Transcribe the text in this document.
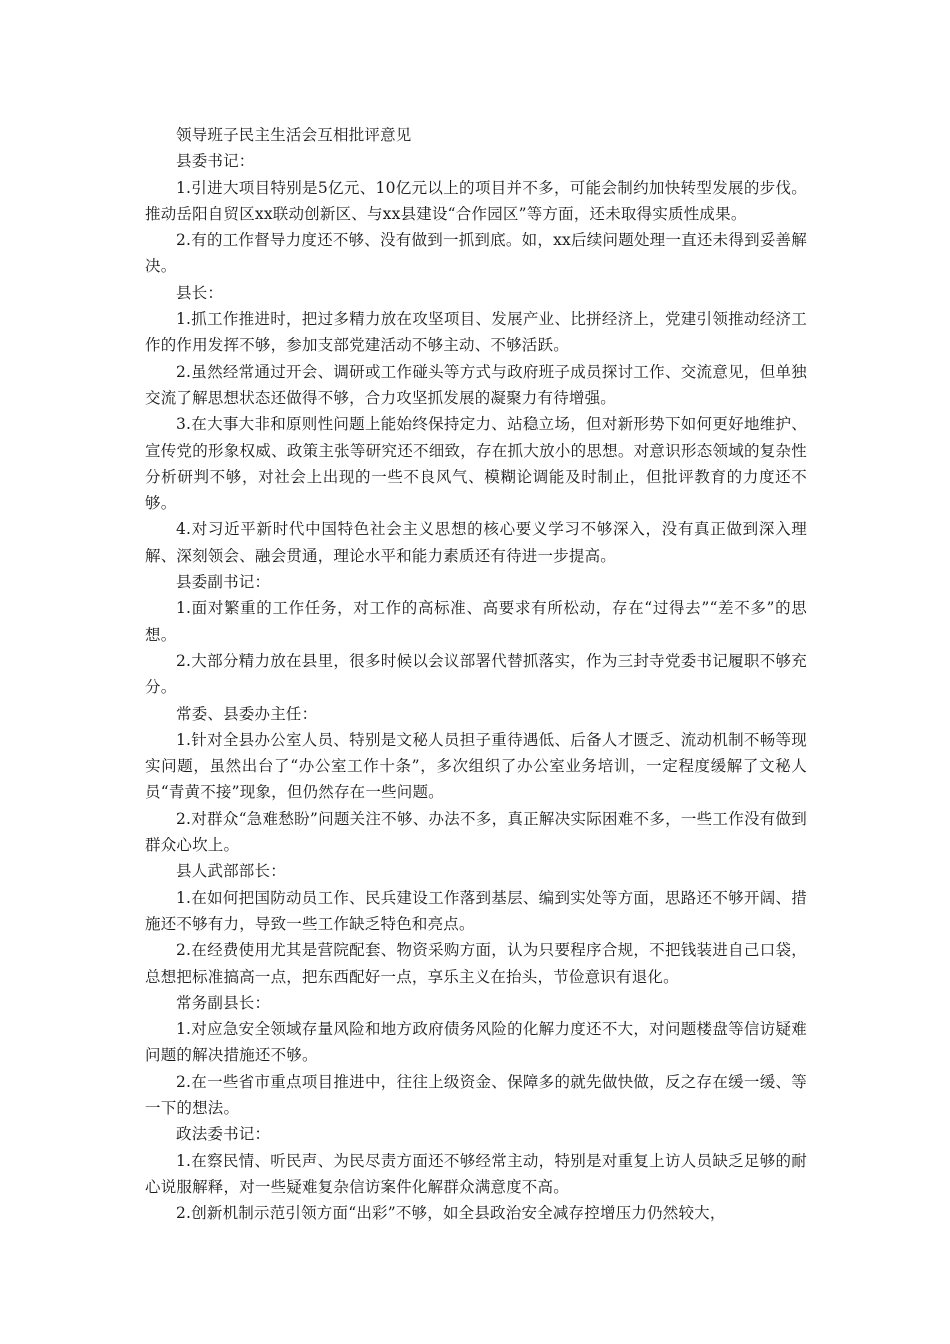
领导班子民主生活会互相批评意见

县委书记：

1.引进大项目特别是5亿元、10亿元以上的项目并不多，可能会制约加快转型发展的步伐。推动岳阳自贸区xx联动创新区、与xx县建设“合作园区”等方面，还未取得实质性成果。

2.有的工作督导力度还不够、没有做到一抓到底。如，xx后续问题处理一直还未得到妥善解决。

县长：

1.抓工作推进时，把过多精力放在攻坚项目、发展产业、比拼经济上，党建引领推动经济工作的作用发挥不够，参加支部党建活动不够主动、不够活跃。

2.虽然经常通过开会、调研或工作碰头等方式与政府班子成员探讨工作、交流意见，但单独交流了解思想状态还做得不够，合力攻坚抓发展的凝聚力有待增强。

3.在大事大非和原则性问题上能始终保持定力、站稳立场，但对新形势下如何更好地维护、宣传党的形象权威、政策主张等研究还不细致，存在抓大放小的思想。对意识形态领域的复杂性分析研判不够，对社会上出现的一些不良风气、模糊论调能及时制止，但批评教育的力度还不够。

4.对习近平新时代中国特色社会主义思想的核心要义学习不够深入，没有真正做到深入理解、深刻领会、融会贯通，理论水平和能力素质还有待进一步提高。

县委副书记：

1.面对繁重的工作任务，对工作的高标准、高要求有所松动，存在“过得去”“差不多”的思想。

2.大部分精力放在县里，很多时候以会议部署代替抓落实，作为三封寺党委书记履职不够充分。

常委、县委办主任：

1.针对全县办公室人员、特别是文秘人员担子重待遇低、后备人才匮乏、流动机制不畅等现实问题，虽然出台了“办公室工作十条”，多次组织了办公室业务培训，一定程度缓解了文秘人员“青黄不接”现象，但仍然存在一些问题。

2.对群众“急难愁盼”问题关注不够、办法不多，真正解决实际困难不多，一些工作没有做到群众心坎上。

县人武部部长：

1.在如何把国防动员工作、民兵建设工作落到基层、编到实处等方面，思路还不够开阔、措施还不够有力，导致一些工作缺乏特色和亮点。

2.在经费使用尤其是营院配套、物资采购方面，认为只要程序合规，不把钱装进自己口袋，总想把标准搞高一点，把东西配好一点，享乐主义在抬头，节俭意识有退化。

常务副县长：

1.对应急安全领域存量风险和地方政府债务风险的化解力度还不大，对问题楼盘等信访疑难问题的解决措施还不够。

2.在一些省市重点项目推进中，往往上级资金、保障多的就先做快做，反之存在缓一缓、等一下的想法。

政法委书记：

1.在察民情、听民声、为民尽责方面还不够经常主动，特别是对重复上访人员缺乏足够的耐心说服解释，对一些疑难复杂信访案件化解群众满意度不高。

2.创新机制示范引领方面“出彩”不够，如全县政治安全减存控增压力仍然较大，
